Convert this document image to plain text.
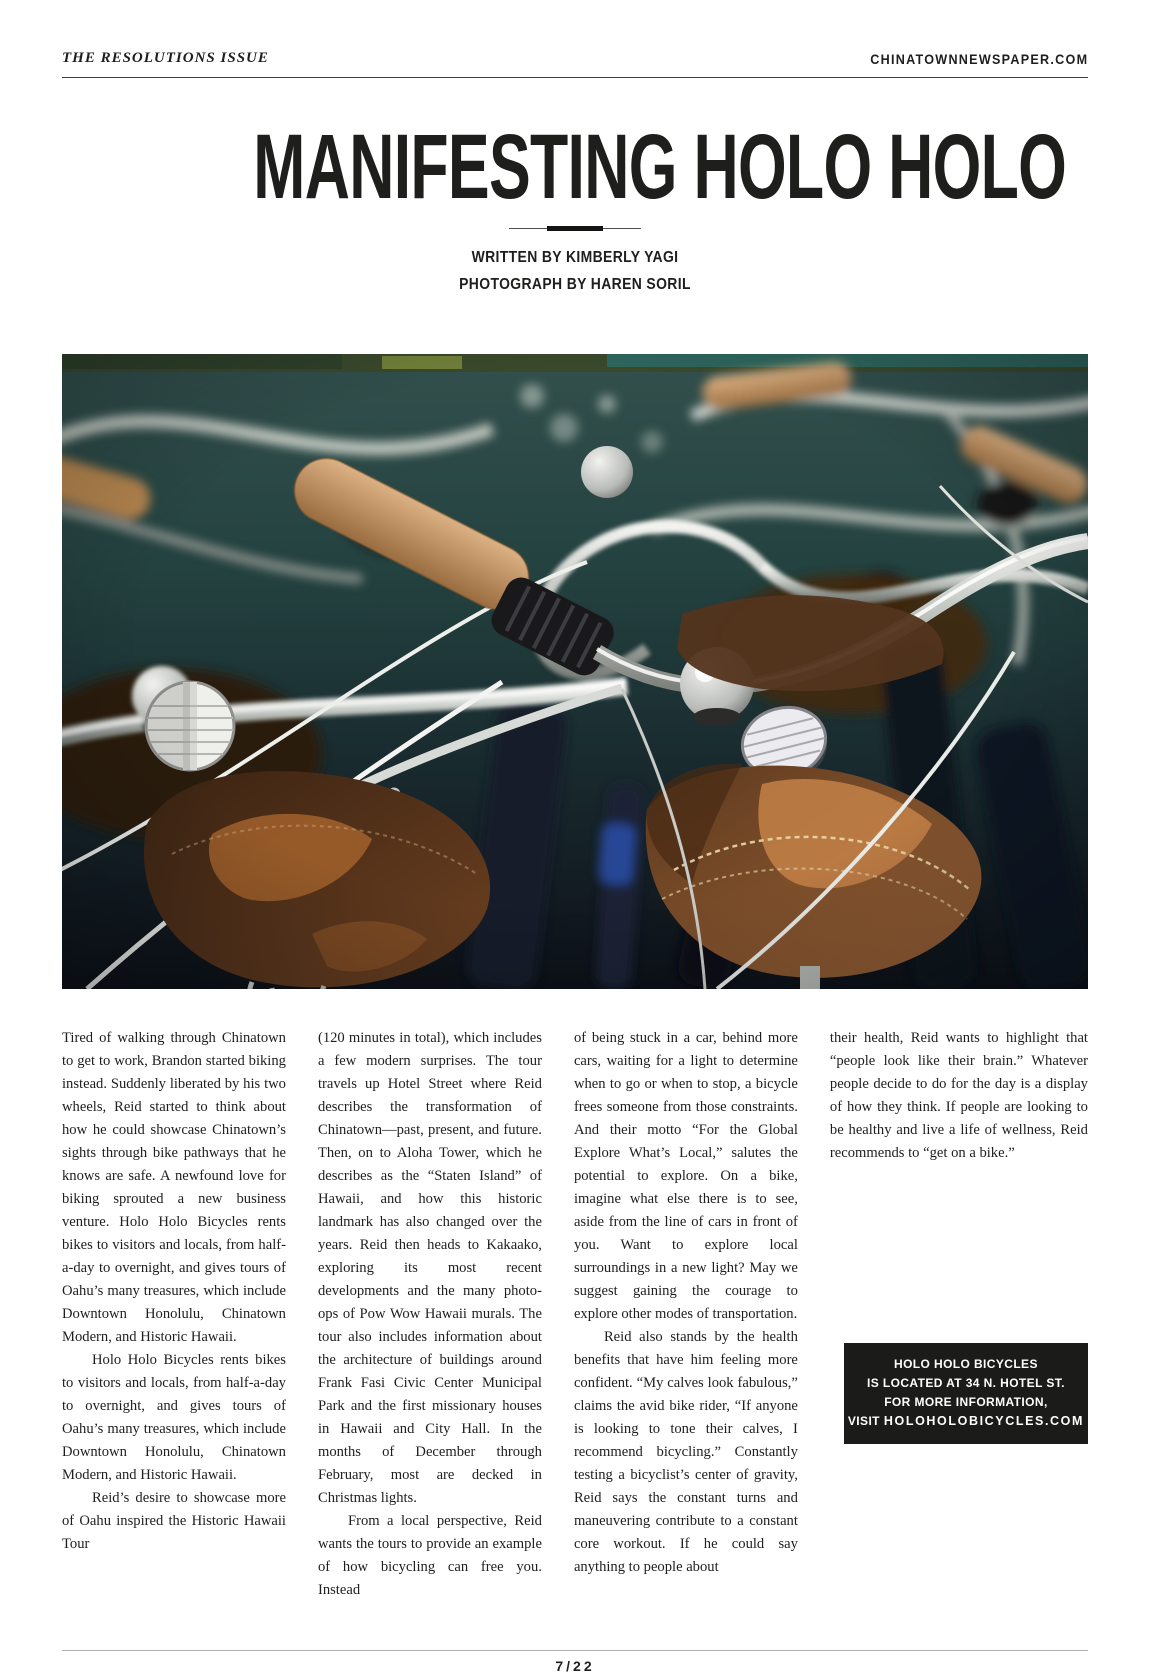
THE RESOLUTIONS ISSUE	CHINATOWNNEWSPAPER.COM
MANIFESTING HOLO HOLO
WRITTEN BY KIMBERLY YAGI
PHOTOGRAPH BY HAREN SORIL

Tired of walking through Chinatown to get to work, Brandon started biking instead. Suddenly liberated by his two wheels, Reid started to think about how he could showcase Chinatown’s sights through bike pathways that he knows are safe. A newfound love for biking sprouted a new business venture. Holo Holo Bicycles rents bikes to visitors and locals, from half-a-day to overnight, and gives tours of Oahu’s many treasures, which include Downtown Honolulu, Chinatown Modern, and Historic Hawaii.

Holo Holo Bicycles rents bikes to visitors and locals, from half-a-day to overnight, and gives tours of Oahu’s many treasures, which include Downtown Honolulu, Chinatown Modern, and Historic Hawaii.

Reid’s desire to showcase more of Oahu inspired the Historic Hawaii Tour

(120 minutes in total), which includes a few modern surprises. The tour travels up Hotel Street where Reid describes the transformation of Chinatown—past, present, and future. Then, on to Aloha Tower, which he describes as the “Staten Island” of Hawaii, and how this historic landmark has also changed over the years. Reid then heads to Kakaako, exploring its most recent developments and the many photo-ops of Pow Wow Hawaii murals. The tour also includes information about the architecture of buildings around Frank Fasi Civic Center Municipal Park and the first missionary houses in Hawaii and City Hall. In the months of December through February, most are decked in Christmas lights.

From a local perspective, Reid wants the tours to provide an example of how bicycling can free you. Instead

of being stuck in a car, behind more cars, waiting for a light to determine when to go or when to stop, a bicycle frees someone from those constraints. And their motto “For the Global Explore What’s Local,” salutes the potential to explore. On a bike, imagine what else there is to see, aside from the line of cars in front of you. Want to explore local surroundings in a new light? May we suggest gaining the courage to explore other modes of transportation.

Reid also stands by the health benefits that have him feeling more confident. “My calves look fabulous,” claims the avid bike rider, “If anyone is looking to tone their calves, I recommend bicycling.” Constantly testing a bicyclist’s center of gravity, Reid says the constant turns and maneuvering contribute to a constant core workout. If he could say anything to people about

their health, Reid wants to highlight that “people look like their brain.” Whatever people decide to do for the day is a display of how they think. If people are looking to be healthy and live a life of wellness, Reid recommends to “get on a bike.”

HOLO HOLO BICYCLES
IS LOCATED AT 34 N. HOTEL ST.
FOR MORE INFORMATION,
VISIT HOLOHOLOBICYCLES.COM
7/22
